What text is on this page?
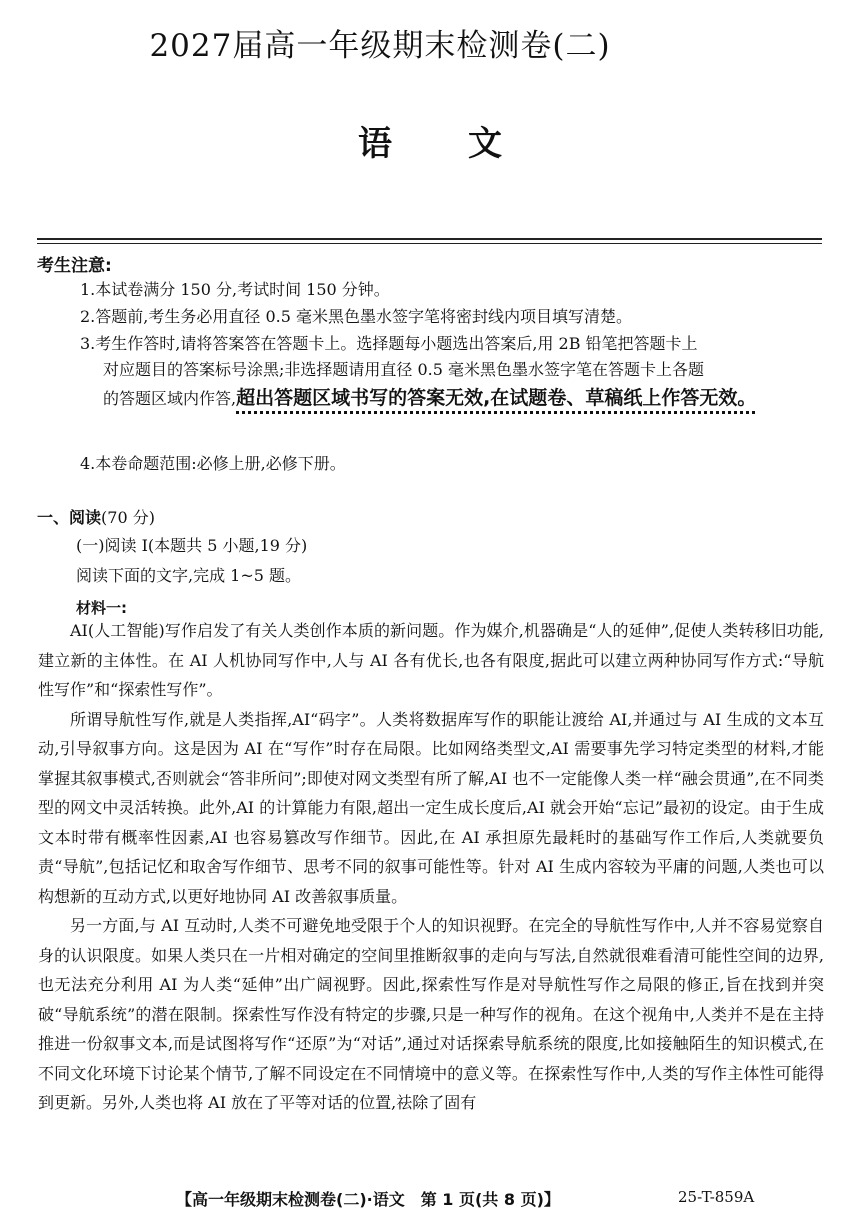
2027届高一年级期末检测卷(二)
语文
考生注意:
1.本试卷满分 150 分,考试时间 150 分钟。
2.答题前,考生务必用直径 0.5 毫米黑色墨水签字笔将密封线内项目填写清楚。
3.考生作答时,请将答案答在答题卡上。选择题每小题选出答案后,用 2B 铅笔把答题卡上
对应题目的答案标号涂黑;非选择题请用直径 0.5 毫米黑色墨水签字笔在答题卡上各题
的答题区域内作答,超出答题区域书写的答案无效,在试题卷、草稿纸上作答无效。
4.本卷命题范围:必修上册,必修下册。
一、阅读(70 分)
(一)阅读 I(本题共 5 小题,19 分)
阅读下面的文字,完成 1~5 题。
材料一:

AI(人工智能)写作启发了有关人类创作本质的新问题。作为媒介,机器确是“人的延伸”,促使人类转移旧功能,建立新的主体性。在 AI 人机协同写作中,人与 AI 各有优长,也各有限度,据此可以建立两种协同写作方式:“导航性写作”和“探索性写作”。

所谓导航性写作,就是人类指挥,AI“码字”。人类将数据库写作的职能让渡给 AI,并通过与 AI 生成的文本互动,引导叙事方向。这是因为 AI 在“写作”时存在局限。比如网络类型文,AI 需要事先学习特定类型的材料,才能掌握其叙事模式,否则就会“答非所问”;即使对网文类型有所了解,AI 也不一定能像人类一样“融会贯通”,在不同类型的网文中灵活转换。此外,AI 的计算能力有限,超出一定生成长度后,AI 就会开始“忘记”最初的设定。由于生成文本时带有概率性因素,AI 也容易篡改写作细节。因此,在 AI 承担原先最耗时的基础写作工作后,人类就要负责“导航”,包括记忆和取舍写作细节、思考不同的叙事可能性等。针对 AI 生成内容较为平庸的问题,人类也可以构想新的互动方式,以更好地协同 AI 改善叙事质量。

另一方面,与 AI 互动时,人类不可避免地受限于个人的知识视野。在完全的导航性写作中,人并不容易觉察自身的认识限度。如果人类只在一片相对确定的空间里推断叙事的走向与写法,自然就很难看清可能性空间的边界,也无法充分利用 AI 为人类“延伸”出广阔视野。因此,探索性写作是对导航性写作之局限的修正,旨在找到并突破“导航系统”的潜在限制。探索性写作没有特定的步骤,只是一种写作的视角。在这个视角中,人类并不是在主持推进一份叙事文本,而是试图将写作“还原”为“对话”,通过对话探索导航系统的限度,比如接触陌生的知识模式,在不同文化环境下讨论某个情节,了解不同设定在不同情境中的意义等。在探索性写作中,人类的写作主体性可能得到更新。另外,人类也将 AI 放在了平等对话的位置,祛除了固有

【高一年级期末检测卷(二)·语文　第 1 页(共 8 页)】	25-T-859A
